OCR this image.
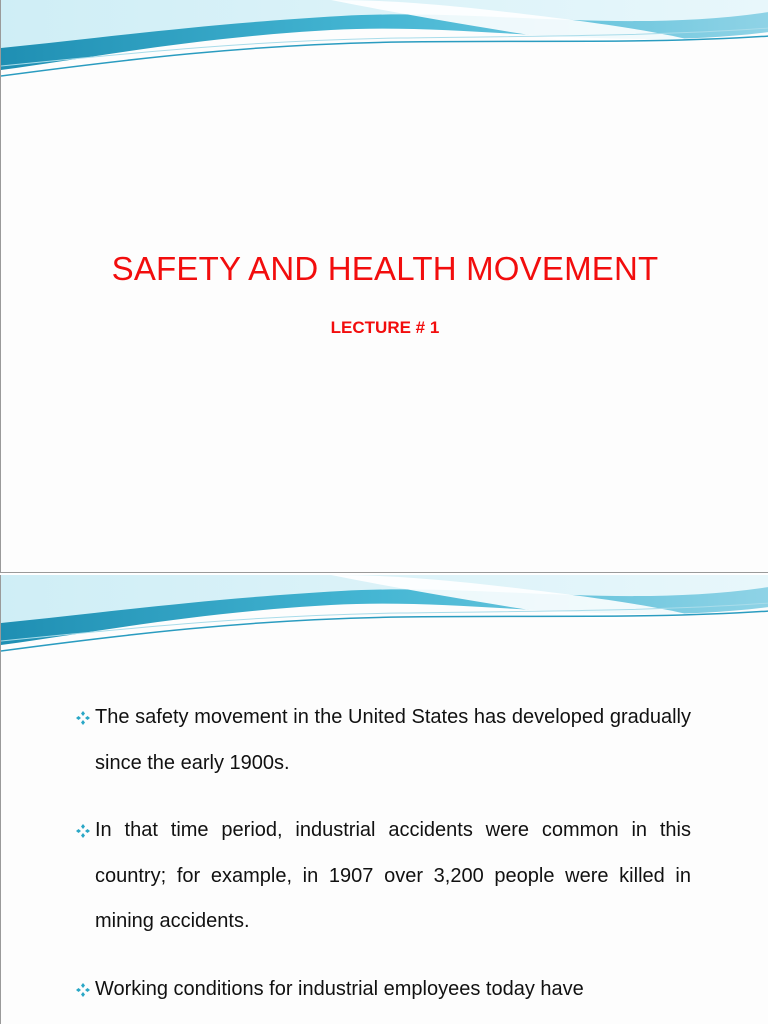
SAFETY AND HEALTH MOVEMENT
LECTURE # 1
The safety movement in the United States has developed gradually since the early 1900s.
In that time period, industrial accidents were common in this country; for example, in 1907 over 3,200 people were killed in mining accidents.
Working conditions for industrial employees today have
